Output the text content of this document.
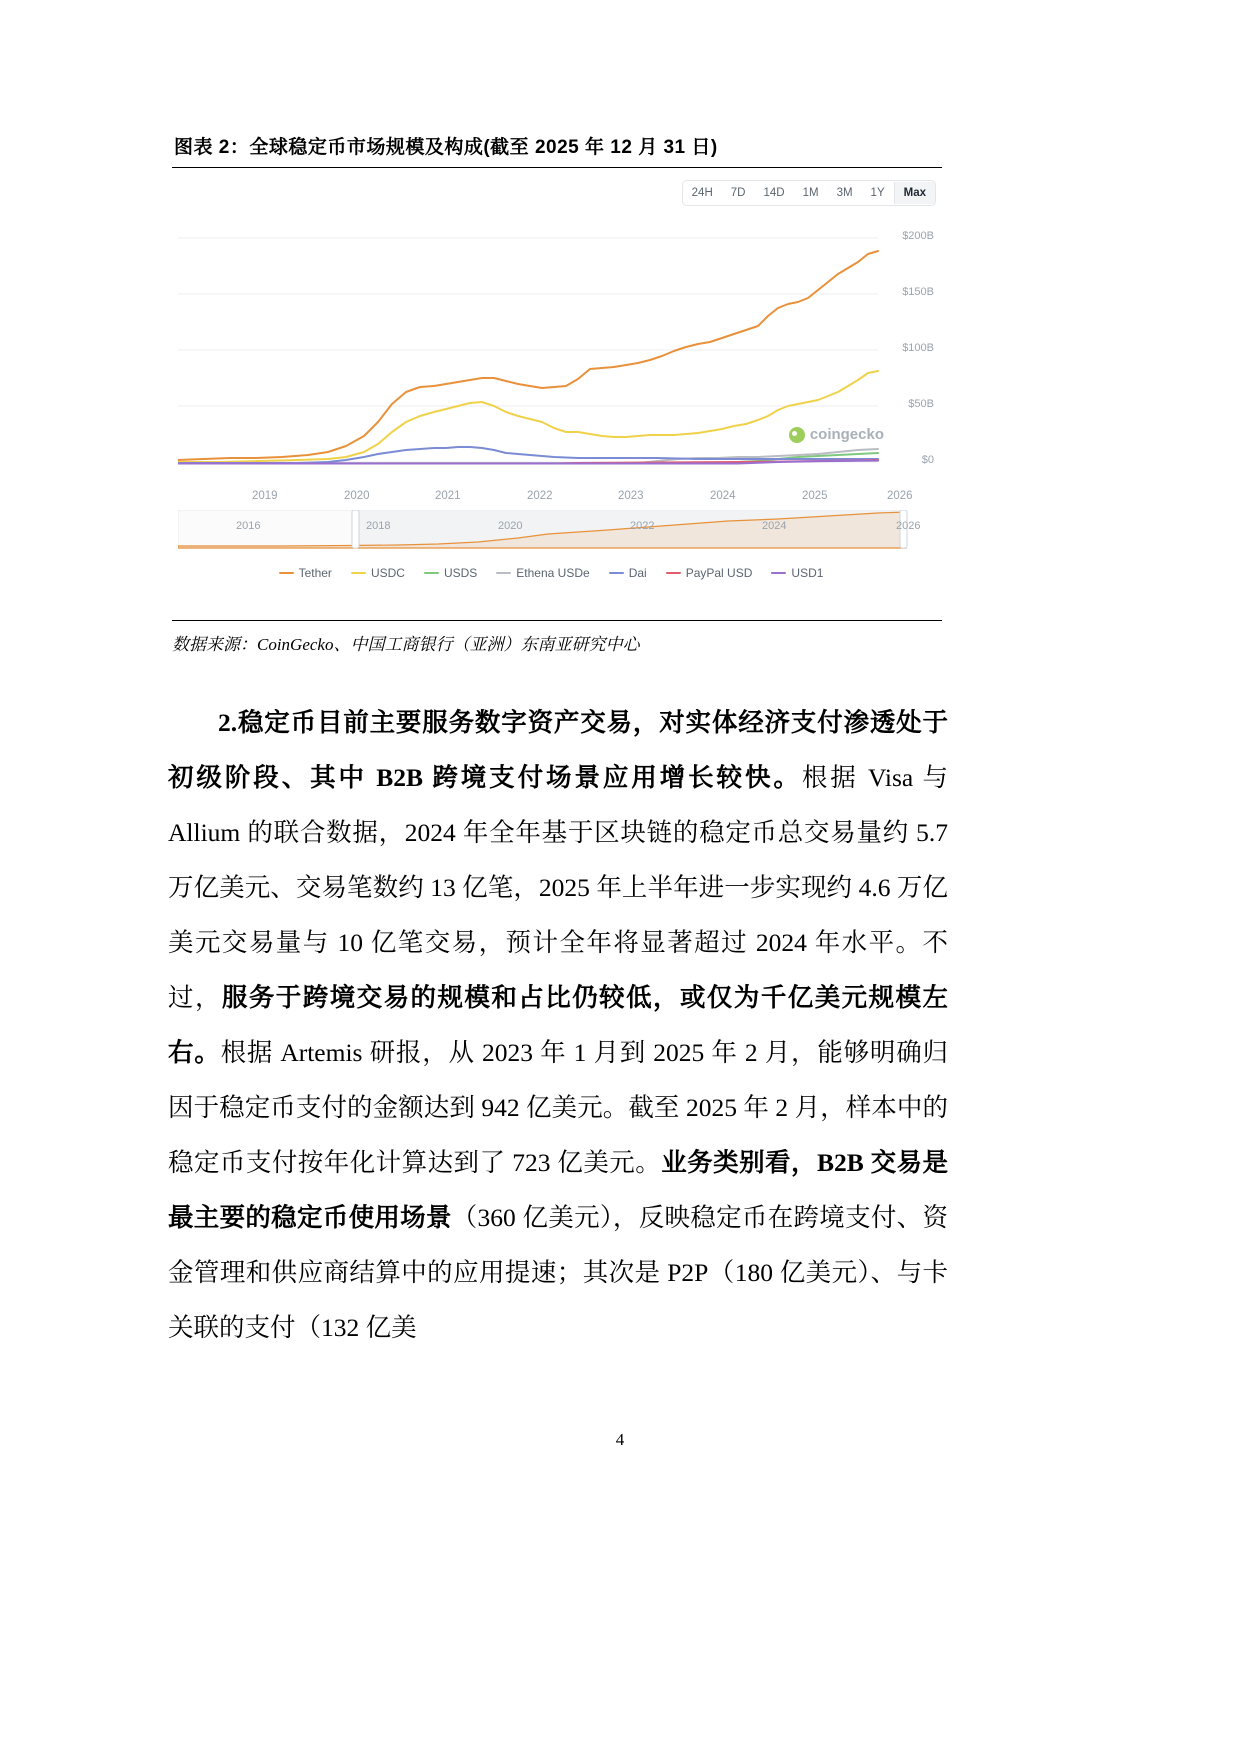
图表 2：全球稳定币市场规模及构成(截至 2025 年 12 月 31 日)
24H	7D	14D	1M	3M	1Y	Max
$200B
$150B
$100B
$50B
$0
2019	2020	2021	2022	2023	2024	2025	2026
coingecko
2016	2018	2020	2022	2024	2026
Tether	USDC	USDS	Ethena USDe	Dai	PayPal USD	USD1
数据来源：CoinGecko、中国工商银行（亚洲）东南亚研究中心

2.稳定币目前主要服务数字资产交易，对实体经济支付渗透处于初级阶段、其中 B2B 跨境支付场景应用增长较快。根据 Visa 与 Allium 的联合数据，2024 年全年基于区块链的稳定币总交易量约 5.7 万亿美元、交易笔数约 13 亿笔，2025 年上半年进一步实现约 4.6 万亿美元交易量与 10 亿笔交易，预计全年将显著超过 2024 年水平。不过，服务于跨境交易的规模和占比仍较低，或仅为千亿美元规模左右。根据 Artemis 研报，从 2023 年 1 月到 2025 年 2 月，能够明确归因于稳定币支付的金额达到 942 亿美元。截至 2025 年 2 月，样本中的稳定币支付按年化计算达到了 723 亿美元。业务类别看，B2B 交易是最主要的稳定币使用场景（360 亿美元），反映稳定币在跨境支付、资金管理和供应商结算中的应用提速；其次是 P2P（180 亿美元）、与卡关联的支付（132 亿美

4
